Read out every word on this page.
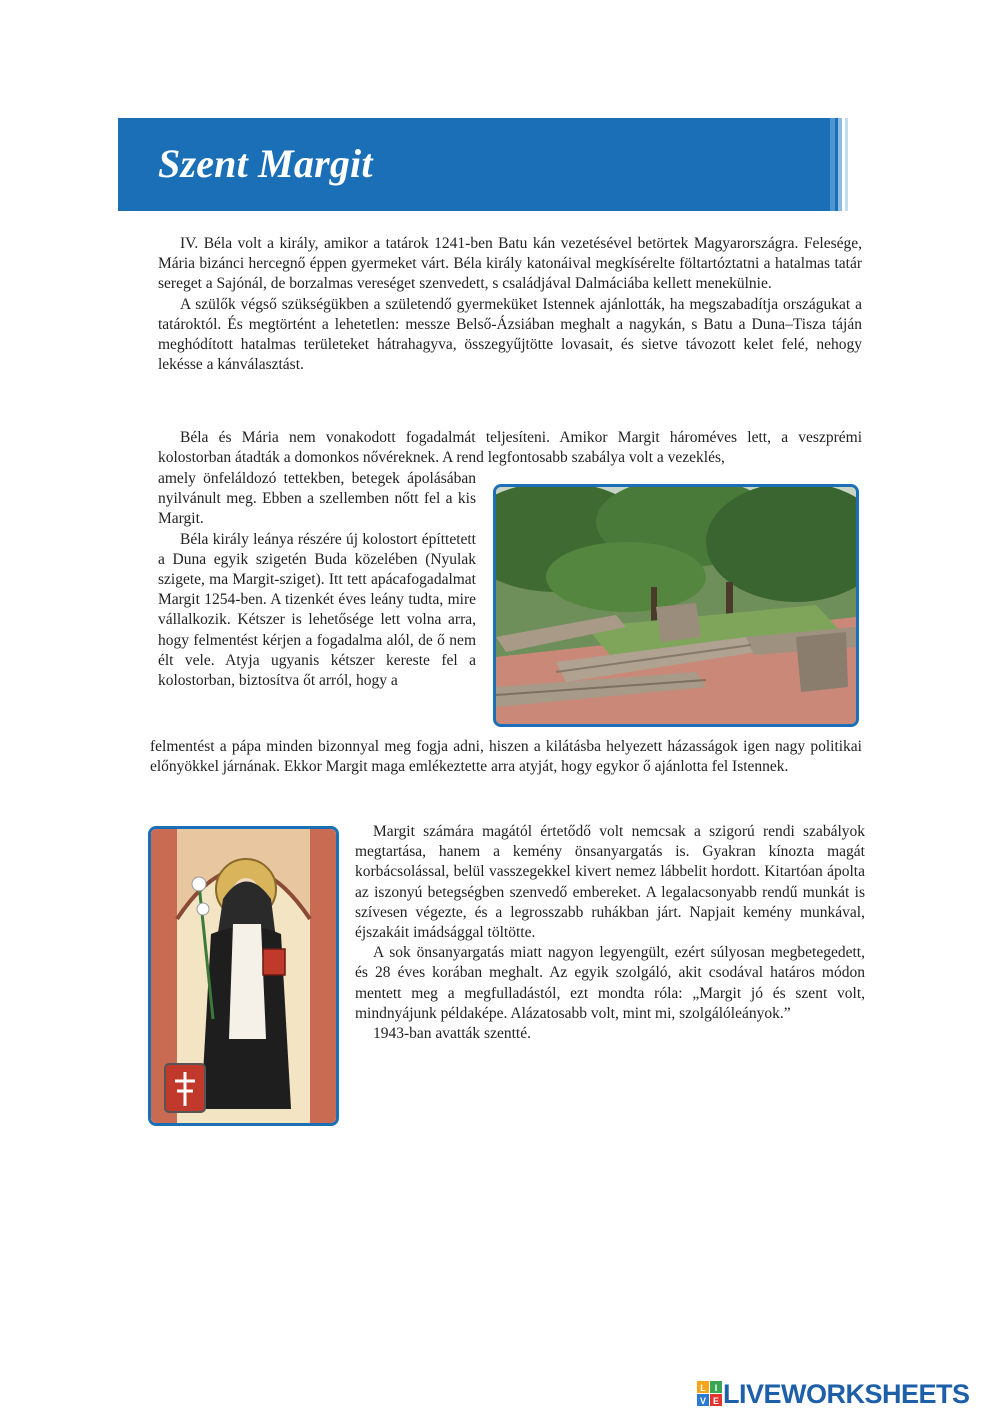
Szent Margit

IV. Béla volt a király, amikor a tatárok 1241-ben Batu kán vezetésével betörtek Magyarországra. Felesége, Mária bizánci hercegnő éppen gyermeket várt. Béla király katonáival megkísérelte föltartóztatni a hatalmas tatár sereget a Sajónál, de borzalmas vereséget szenvedett, s családjával Dalmáciába kellett menekülnie.

A szülők végső szükségükben a születendő gyermeküket Istennek ajánlották, ha megszabadítja országukat a tatároktól. És megtörtént a lehetetlen: messze Belső-Ázsiában meghalt a nagykán, s Batu a Duna–Tisza táján meghódított hatalmas területeket hátrahagyva, összegyűjtötte lovasait, és sietve távozott kelet felé, nehogy lekésse a kánválasztást.

Béla és Mária nem vonakodott fogadalmát teljesíteni. Amikor Margit hároméves lett, a veszprémi kolostorban átadták a domonkos nővéreknek. A rend legfontosabb szabálya volt a vezeklés,

amely önfeláldozó tettekben, betegek ápolásában nyilvánult meg. Ebben a szellemben nőtt fel a kis Margit.

Béla király leánya részére új kolostort építtetett a Duna egyik szigetén Buda közelében (Nyulak szigete, ma Margit-sziget). Itt tett apácafogadalmat Margit 1254-ben. A tizenkét éves leány tudta, mire vállalkozik. Kétszer is lehetősége lett volna arra, hogy felmentést kérjen a fogadalma alól, de ő nem élt vele. Atyja ugyanis kétszer kereste fel a kolostorban, biztosítva őt arról, hogy a

felmentést a pápa minden bizonnyal meg fogja adni, hiszen a kilátásba helyezett házasságok igen nagy politikai előnyökkel járnának. Ekkor Margit maga emlékeztette arra atyját, hogy egykor ő ajánlotta fel Istennek.

Margit számára magától értetődő volt nemcsak a szigorú rendi szabályok megtartása, hanem a kemény önsanyargatás is. Gyakran kínozta magát korbácsolással, belül vasszegekkel kivert nemez lábbelit hordott. Kitartóan ápolta az iszonyú betegségben szenvedő embereket. A legalacsonyabb rendű munkát is szívesen végezte, és a legrosszabb ruhákban járt. Napjait kemény munkával, éjszakáit imádsággal töltötte.

A sok önsanyargatás miatt nagyon legyengült, ezért súlyosan megbetegedett, és 28 éves korában meghalt. Az egyik szolgáló, akit csodával határos módon mentett meg a megfulladástól, ezt mondta róla: „Margit jó és szent volt, mindnyájunk példaképe. Alázatosabb volt, mint mi, szolgálóleányok.”

1943-ban avatták szentté.

L I
V E LIVEWORKSHEETS
